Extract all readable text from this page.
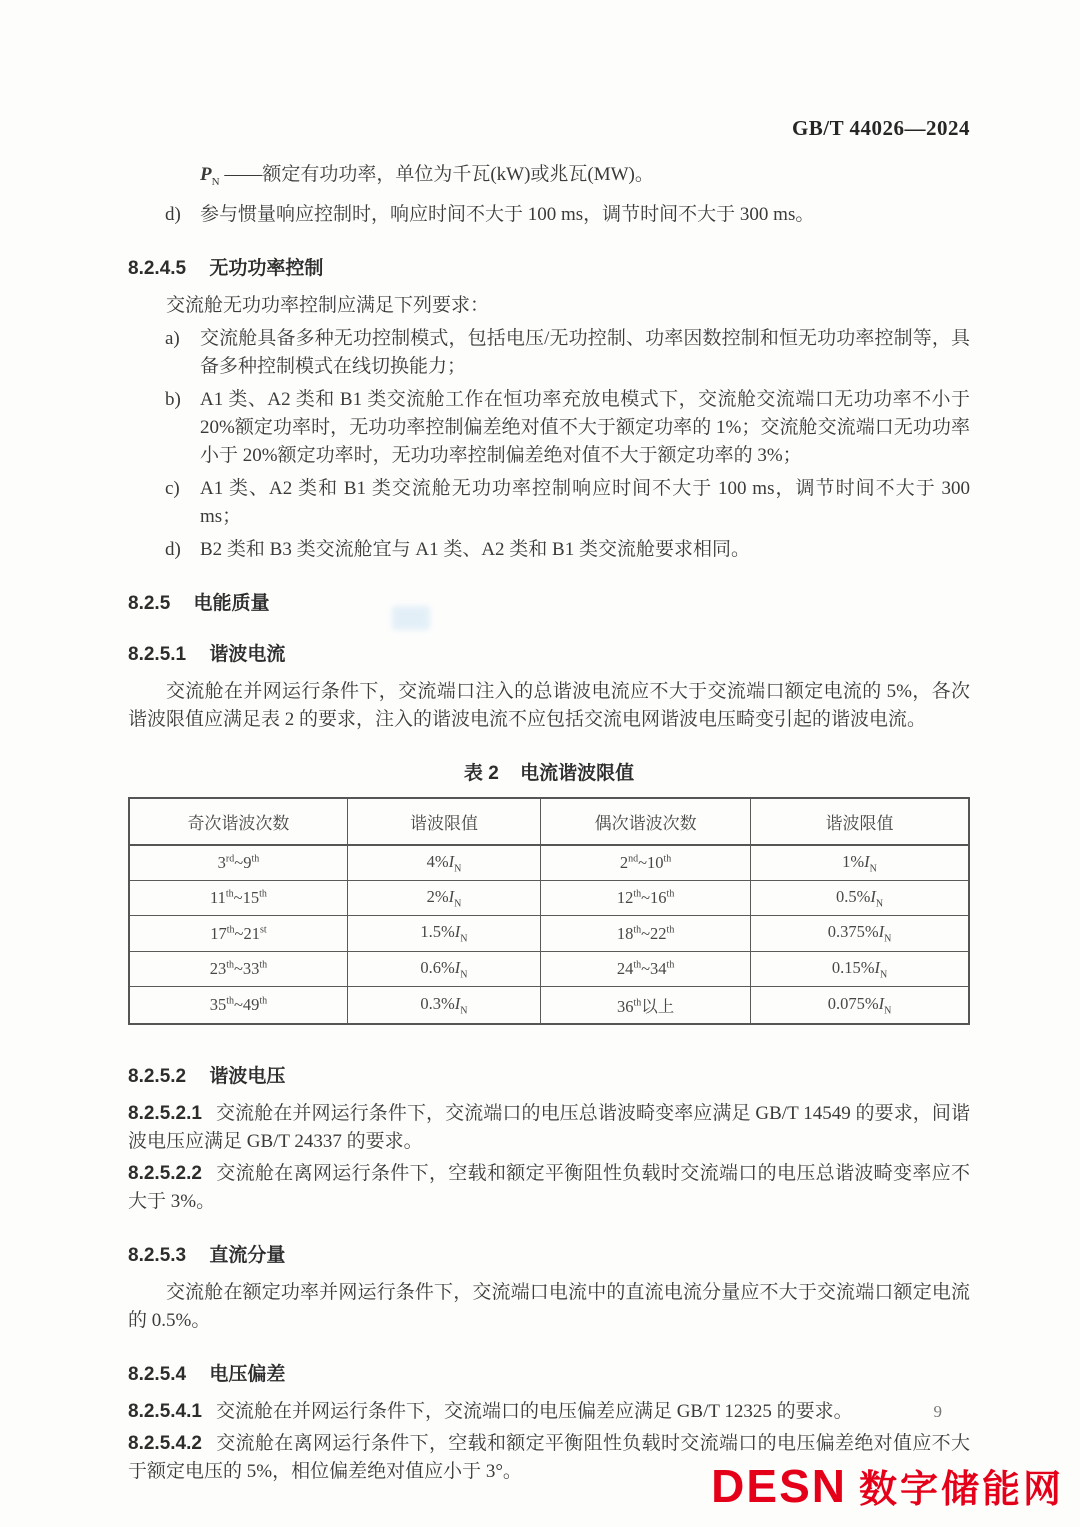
GB/T 44026—2024
$P_N$ ——额定有功功率，单位为千瓦(kW)或兆瓦(MW)。
d) 参与惯量响应控制时，响应时间不大于 100 ms，调节时间不大于 300 ms。
8.2.4.5 无功功率控制

交流舱无功功率控制应满足下列要求：

a) 交流舱具备多种无功控制模式，包括电压/无功控制、功率因数控制和恒无功功率控制等，具备多种控制模式在线切换能力；
b) A1 类、A2 类和 B1 类交流舱工作在恒功率充放电模式下，交流舱交流端口无功功率不小于 20%额定功率时，无功功率控制偏差绝对值不大于额定功率的 1%；交流舱交流端口无功功率小于 20%额定功率时，无功功率控制偏差绝对值不大于额定功率的 3%；
c) A1 类、A2 类和 B1 类交流舱无功功率控制响应时间不大于 100 ms，调节时间不大于 300 ms；
d) B2 类和 B3 类交流舱宜与 A1 类、A2 类和 B1 类交流舱要求相同。
8.2.5 电能质量
8.2.5.1 谐波电流

交流舱在并网运行条件下，交流端口注入的总谐波电流应不大于交流端口额定电流的 5%，各次谐波限值应满足表 2 的要求，注入的谐波电流不应包括交流电网谐波电压畸变引起的谐波电流。

表 2 电流谐波限值
奇次谐波次数	谐波限值	偶次谐波次数	谐波限值
3rd~9th	$4\%I_N$	2nd~10th	$1\%I_N$
11th~15th	$2\%I_N$	12th~16th	$0.5\%I_N$
17th~21st	$1.5\%I_N$	18th~22th	$0.375\%I_N$
23th~33th	$0.6\%I_N$	24th~34th	$0.15\%I_N$
35th~49th	$0.3\%I_N$	36th以上	$0.075\%I_N$
8.2.5.2 谐波电压

8.2.5.2.1 交流舱在并网运行条件下，交流端口的电压总谐波畸变率应满足 GB/T 14549 的要求，间谐波电压应满足 GB/T 24337 的要求。

8.2.5.2.2 交流舱在离网运行条件下，空载和额定平衡阻性负载时交流端口的电压总谐波畸变率应不大于 3%。

8.2.5.3 直流分量

交流舱在额定功率并网运行条件下，交流端口电流中的直流电流分量应不大于交流端口额定电流的 0.5%。

8.2.5.4 电压偏差

8.2.5.4.1 交流舱在并网运行条件下，交流端口的电压偏差应满足 GB/T 12325 的要求。

8.2.5.4.2 交流舱在离网运行条件下，空载和额定平衡阻性负载时交流端口的电压偏差绝对值应不大于额定电压的 5%，相位偏差绝对值应小于 3°。

9
DESN 数字储能网
